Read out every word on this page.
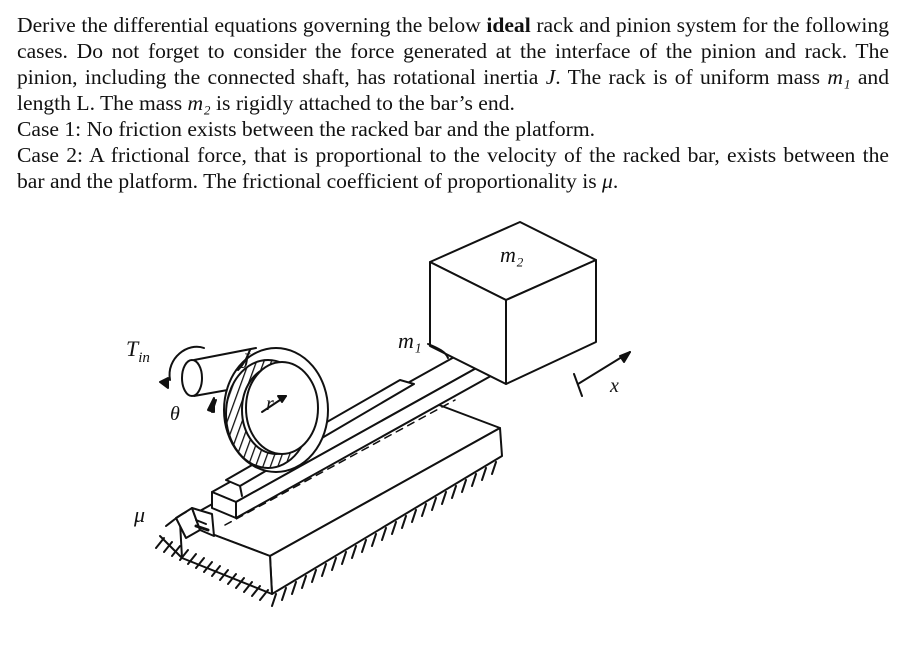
Derive the differential equations governing the below ideal rack and pinion system for the following cases. Do not forget to consider the force generated at the interface of the pinion and rack. The pinion, including the connected shaft, has rotational inertia J. The rack is of uniform mass m₁ and length L. The mass m₂ is rigidly attached to the bar’s end.

Case 1: No friction exists between the racked bar and the platform.

Case 2: A frictional force, that is proportional to the velocity of the racked bar, exists between the bar and the platform. The frictional coefficient of proportionality is μ.

m₂
m₁
$T_{in}$	J
θ	r
μ
x
